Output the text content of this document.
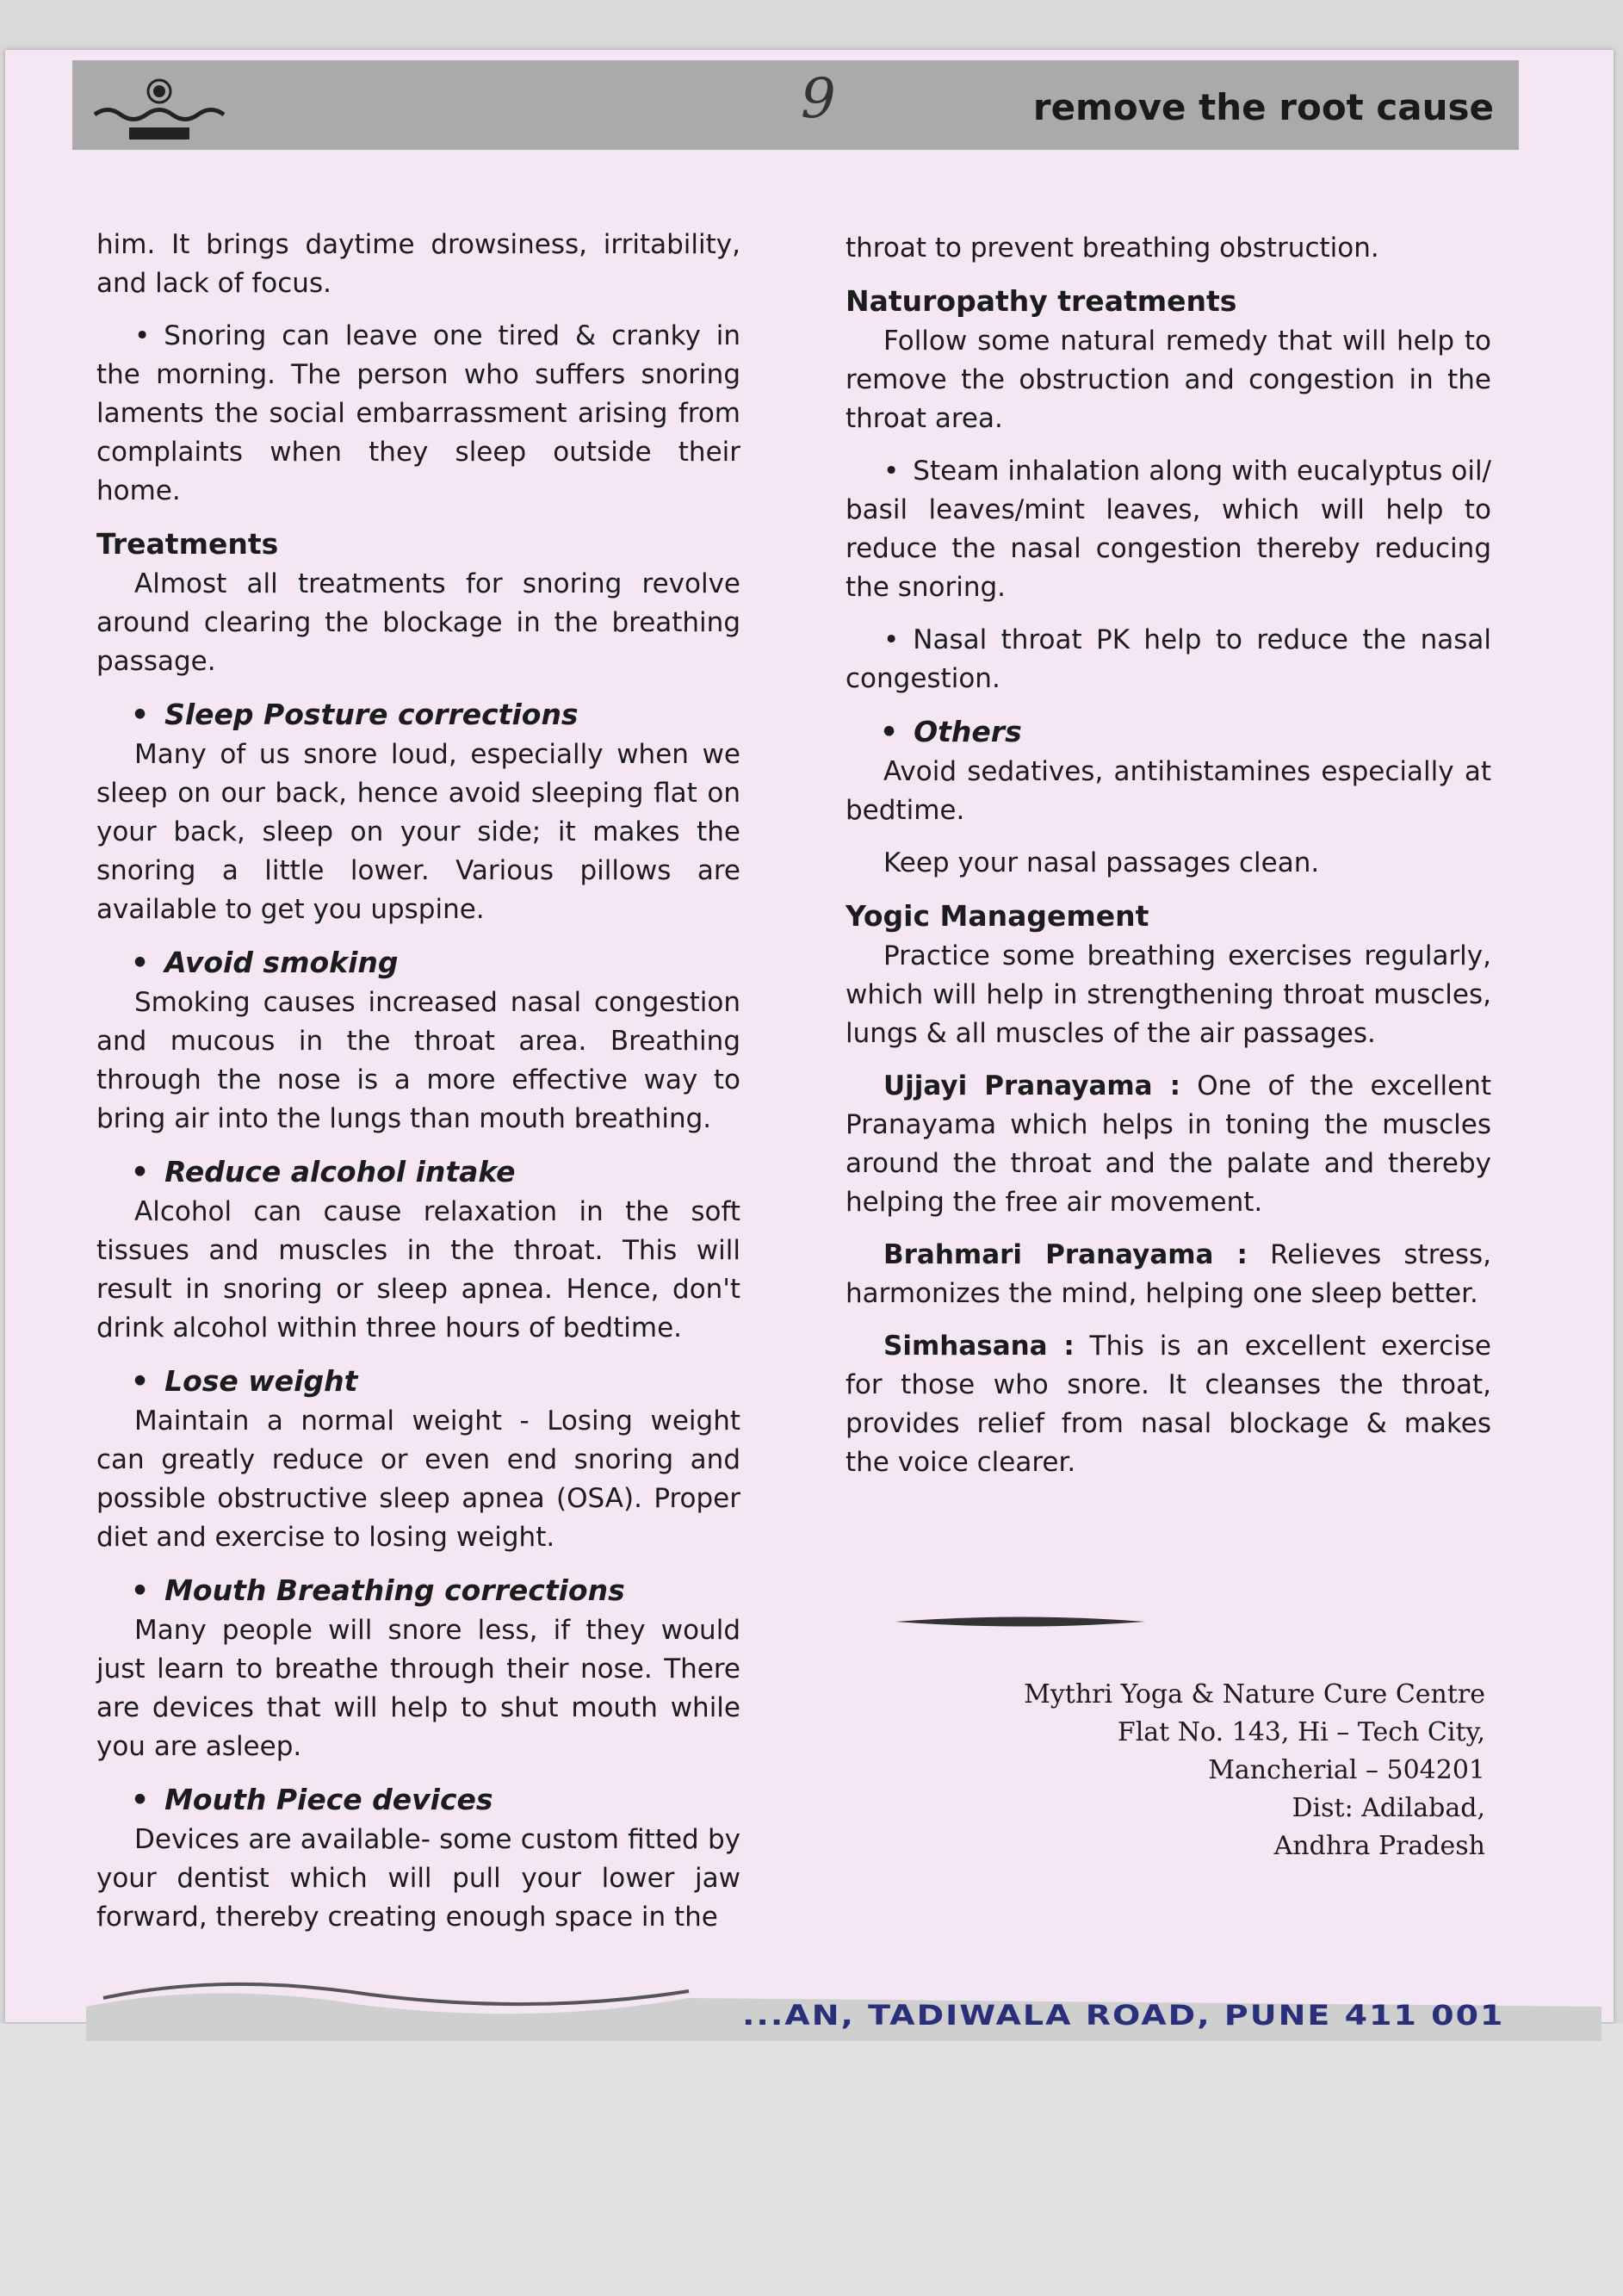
9	remove the root cause

him. It brings daytime drowsiness, irritability, and lack of focus.

• Snoring can leave one tired & cranky in the morning. The person who suffers snoring laments the social embarrassment arising from complaints when they sleep outside their home.

Treatments

Almost all treatments for snoring revolve around clearing the blockage in the breathing passage.

• Sleep Posture corrections

Many of us snore loud, especially when we sleep on our back, hence avoid sleeping flat on your back, sleep on your side; it makes the snoring a little lower. Various pillows are available to get you upspine.

• Avoid smoking

Smoking causes increased nasal congestion and mucous in the throat area. Breathing through the nose is a more effective way to bring air into the lungs than mouth breathing.

• Reduce alcohol intake

Alcohol can cause relaxation in the soft tissues and muscles in the throat. This will result in snoring or sleep apnea. Hence, don't drink alcohol within three hours of bedtime.

• Lose weight

Maintain a normal weight - Losing weight can greatly reduce or even end snoring and possible obstructive sleep apnea (OSA). Proper diet and exercise to losing weight.

• Mouth Breathing corrections

Many people will snore less, if they would just learn to breathe through their nose. There are devices that will help to shut mouth while you are asleep.

• Mouth Piece devices

Devices are available- some custom fitted by your dentist which will pull your lower jaw forward, thereby creating enough space in the

throat to prevent breathing obstruction.

Naturopathy treatments

Follow some natural remedy that will help to remove the obstruction and congestion in the throat area.

• Steam inhalation along with eucalyptus oil/ basil leaves/mint leaves, which will help to reduce the nasal congestion thereby reducing the snoring.

• Nasal throat PK help to reduce the nasal congestion.

• Others

Avoid sedatives, antihistamines especially at bedtime.

Keep your nasal passages clean.

Yogic Management

Practice some breathing exercises regularly, which will help in strengthening throat muscles, lungs & all muscles of the air passages.

Ujjayi Pranayama : One of the excellent Pranayama which helps in toning the muscles around the throat and the palate and thereby helping the free air movement.

Brahmari Pranayama : Relieves stress, harmonizes the mind, helping one sleep better.

Simhasana : This is an excellent exercise for those who snore. It cleanses the throat, provides relief from nasal blockage & makes the voice clearer.

Mythri Yoga & Nature Cure Centre
Flat No. 143, Hi – Tech City,
Mancherial – 504201
Dist: Adilabad,
Andhra Pradesh
...AN, TADIWALA ROAD, PUNE 411 001
